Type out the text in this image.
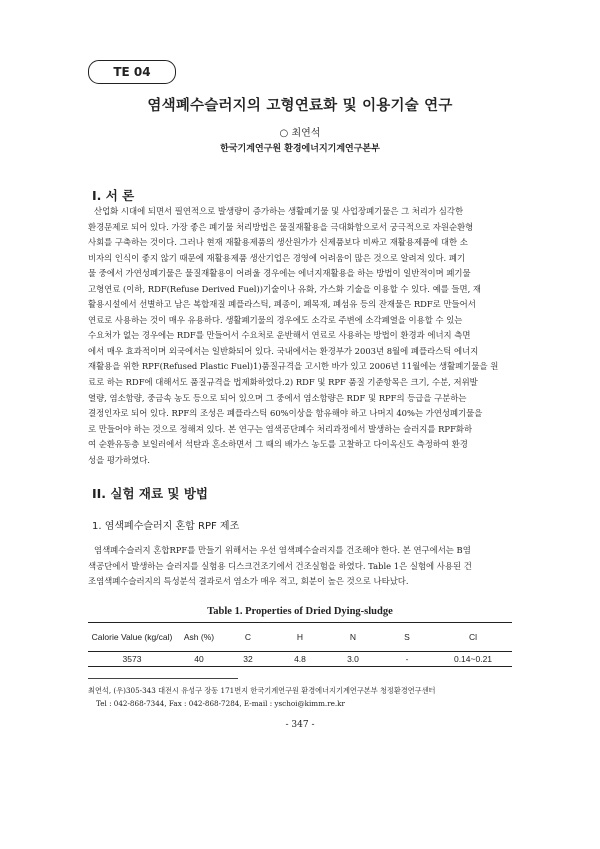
TE 04
염색폐수슬러지의 고형연료화 및 이용기술 연구
○ 최연석
한국기계연구원 환경에너지기계연구본부
I. 서 론
산업화 시대에 되면서 필연적으로 발생량이 증가하는 생활폐기물 및 사업장폐기물은 그 처리가 심각한
환경문제로 되어 있다. 가장 좋은 폐기물 처리방법은 물질재활용을 극대화함으로서 궁극적으로 자원순환형
사회를 구축하는 것이다. 그러나 현재 재활용제품의 생산원가가 신제품보다 비싸고 재활용제품에 대한 소
비자의 인식이 좋지 않기 때문에 재활용제품 생산기업은 경영에 어려움이 많은 것으로 알려져 있다. 폐기
물 중에서 가연성폐기물은 물질재활용이 어려울 경우에는 에너지재활용을 하는 방법이 일반적이며 폐기물
고형연료 (이하, RDF(Refuse Derived Fuel))기술이나 유화, 가스화 기술을 이용할 수 있다. 예를 들면, 재
활용시설에서 선별하고 남은 복합재질 폐플라스틱, 폐종이, 폐목재, 폐섬유 등의 잔재물은 RDF로 만들어서
연료로 사용하는 것이 매우 유용하다. 생활폐기물의 경우에도 소각로 주변에 소각폐열을 이용할 수 있는
수요처가 없는 경우에는 RDF를 만들어서 수요처로 운반해서 연료로 사용하는 방법이 환경과 에너지 측면
에서 매우 효과적이며 외국에서는 일반화되어 있다. 국내에서는 환경부가 2003년 8월에 폐플라스틱 에너지
재활용을 위한 RPF(Refused Plastic Fuel)1)품질규격을 고시한 바가 있고 2006년 11월에는 생활폐기물을 원
료로 하는 RDF에 대해서도 품질규격을 법제화하였다.2) RDF 및 RPF 품질 기준항목은 크기, 수분, 저위발
열량, 염소함량, 중금속 농도 등으로 되어 있으며 그 중에서 염소함량은 RDF 및 RPF의 등급을 구분하는
결정인자로 되어 있다. RPF의 조성은 폐플라스틱 60%이상을 함유해야 하고 나머지 40%는 가연성폐기물을
로 만들어야 하는 것으로 정해져 있다. 본 연구는 염색공단폐수 처리과정에서 발생하는 슬러지를 RPF화하
여 순환유동층 보일러에서 석탄과 혼소하면서 그 때의 배가스 농도를 고찰하고 다이옥신도 측정하여 환경
성을 평가하였다.
II. 실험 재료 및 방법
1. 염색폐수슬러지 혼합 RPF 제조
염색폐수슬러지 혼합RPF를 만들기 위해서는 우선 염색폐수슬러지를 건조해야 한다. 본 연구에서는 B염
색공단에서 발생하는 슬러지를 실험용 디스크건조기에서 건조실험을 하였다. Table 1은 실험에 사용된 건
조염색폐수슬러지의 특성분석 결과로서 염소가 매우 적고, 회분이 높은 것으로 나타났다.
Table 1. Properties of Dried Dying-sludge
Calorie Value (kg/cal)	Ash (%)	C	H	N	S	Cl
3573	40	32	4.8	3.0	-	0.14~0.21
최연석, (우)305-343 대전시 유성구 장동 171번지 한국기계연구원 환경에너지기계연구본부 청정환경연구센터
Tel : 042-868-7344, Fax : 042-868-7284, E-mail : yschoi@kimm.re.kr
- 347 -
